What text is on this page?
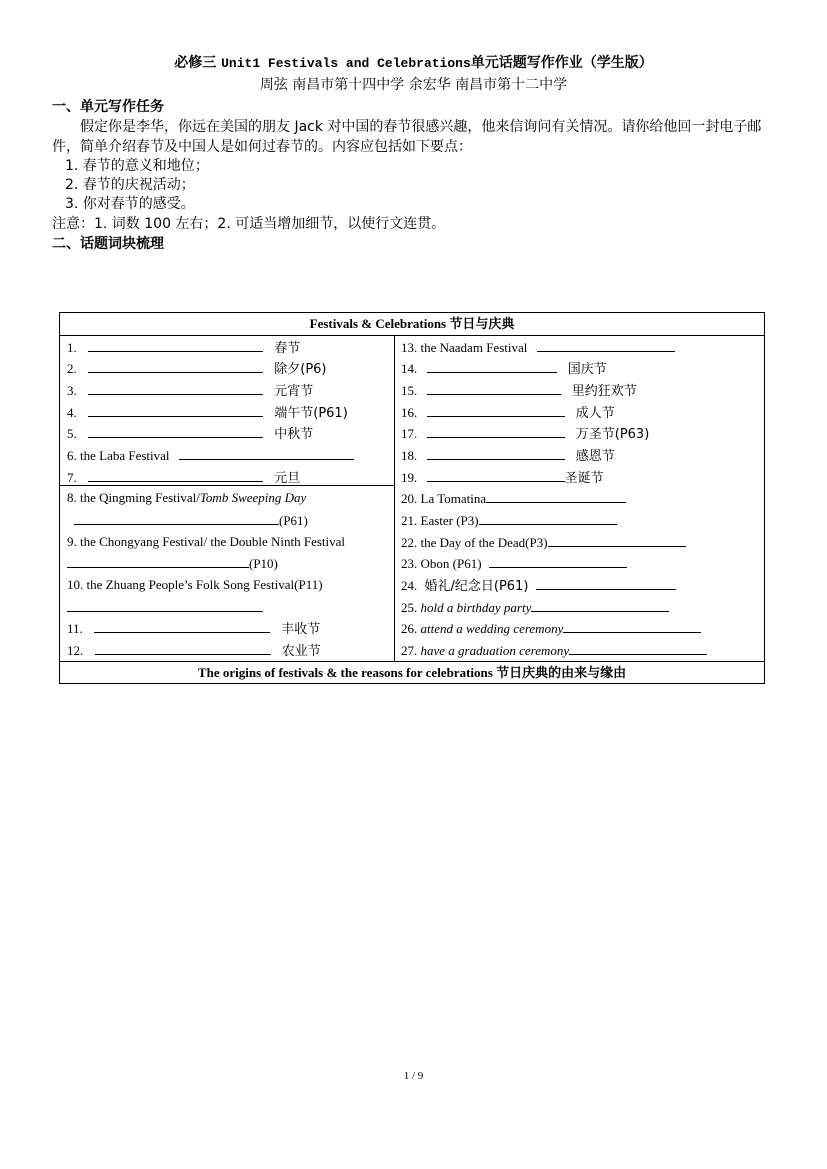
必修三 Unit1 Festivals and Celebrations单元话题写作作业（学生版）
周弦 南昌市第十四中学 余宏华 南昌市第十二中学
一、单元写作任务
假定你是李华，你远在美国的朋友 Jack 对中国的春节很感兴趣，他来信询问有关情况。请你给他回一封电子邮
件，简单介绍春节及中国人是如何过春节的。内容应包括如下要点：
1. 春节的意义和地位；
2. 春节的庆祝活动；
3. 你对春节的感受。
注意：1. 词数 100 左右；2. 可适当增加细节，以使行文连贯。
二、话题词块梳理
Festivals & Celebrations 节日与庆典
1.	春节
2.	除夕(P6)
3.	元宵节
4.	端午节(P61)
5.	中秋节
6. the Laba Festival
7.	元旦
8. the Qingming Festival/Tomb Sweeping Day
(P61)
9. the Chongyang Festival/ the Double Ninth Festival
(P10)
10. the Zhuang People’s Folk Song Festival(P11)
11.	丰收节
12.	农业节
13. the Naadam Festival
14.	国庆节
15.	里约狂欢节
16.	成人节
17.	万圣节(P63)
18.	感恩节
19.	圣诞节
20. La Tomatina
21. Easter (P3)
22. the Day of the Dead(P3)
23. Obon (P61)
24. 婚礼/纪念日(P61)
25. hold a birthday party
26. attend a wedding ceremony
27. have a graduation ceremony
The origins of festivals & the reasons for celebrations 节日庆典的由来与缘由
1 / 9
